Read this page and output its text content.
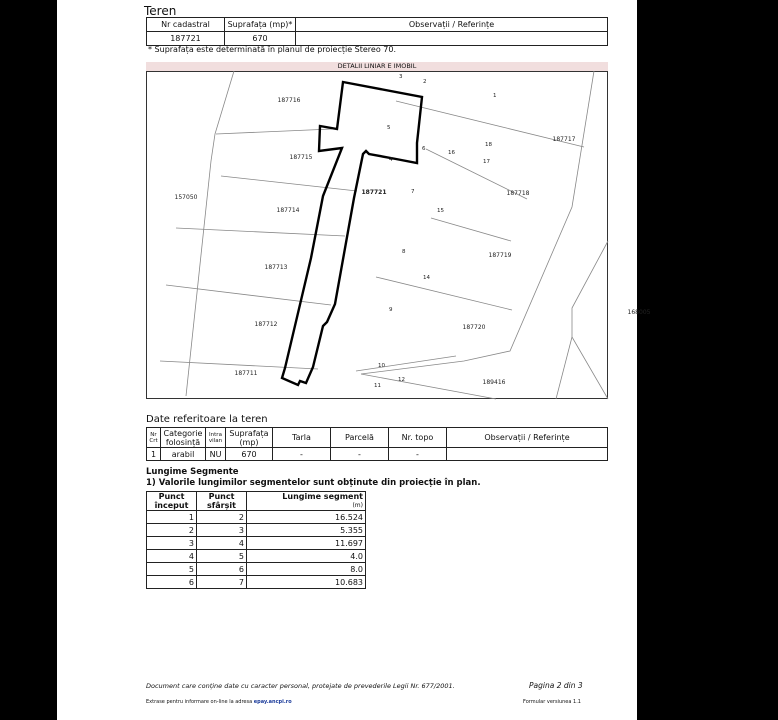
Teren
Nr cadastral	Suprafața (mp)*	Observații / Referințe
187721	670	
* Suprafața este determinată în planul de proiecție Stereo 70.
DETALII LINIAR E IMOBIL
187716
187717
187715
187718
157050
187721
187714
187713
187719
168005
187712	187720
187711
189416
1
2
3
4
5
6
7
8
9
10
11
12
14
15
16
17
18
Date referitoare la teren
Nr Crt	Categorie folosință	Intra vilan	Suprafața (mp)	Tarla	Parcelă	Nr. topo	Observații / Referințe
1	arabil	NU	670	-	-	-	
Lungime Segmente
1) Valorile lungimilor segmentelor sunt obținute din proiecție în plan.
Punct început	Punct sfârșit	Lungime segment
(m)

1	2	16.524
2	3	5.355
3	4	11.697
4	5	4.0
5	6	8.0
6	7	10.683
Document care conține date cu caracter personal, protejate de prevederile Legii Nr. 677/2001.	Pagina 2 din 3
Extrase pentru informare on-line la adresa epay.ancpi.ro	Formular versiunea 1.1
